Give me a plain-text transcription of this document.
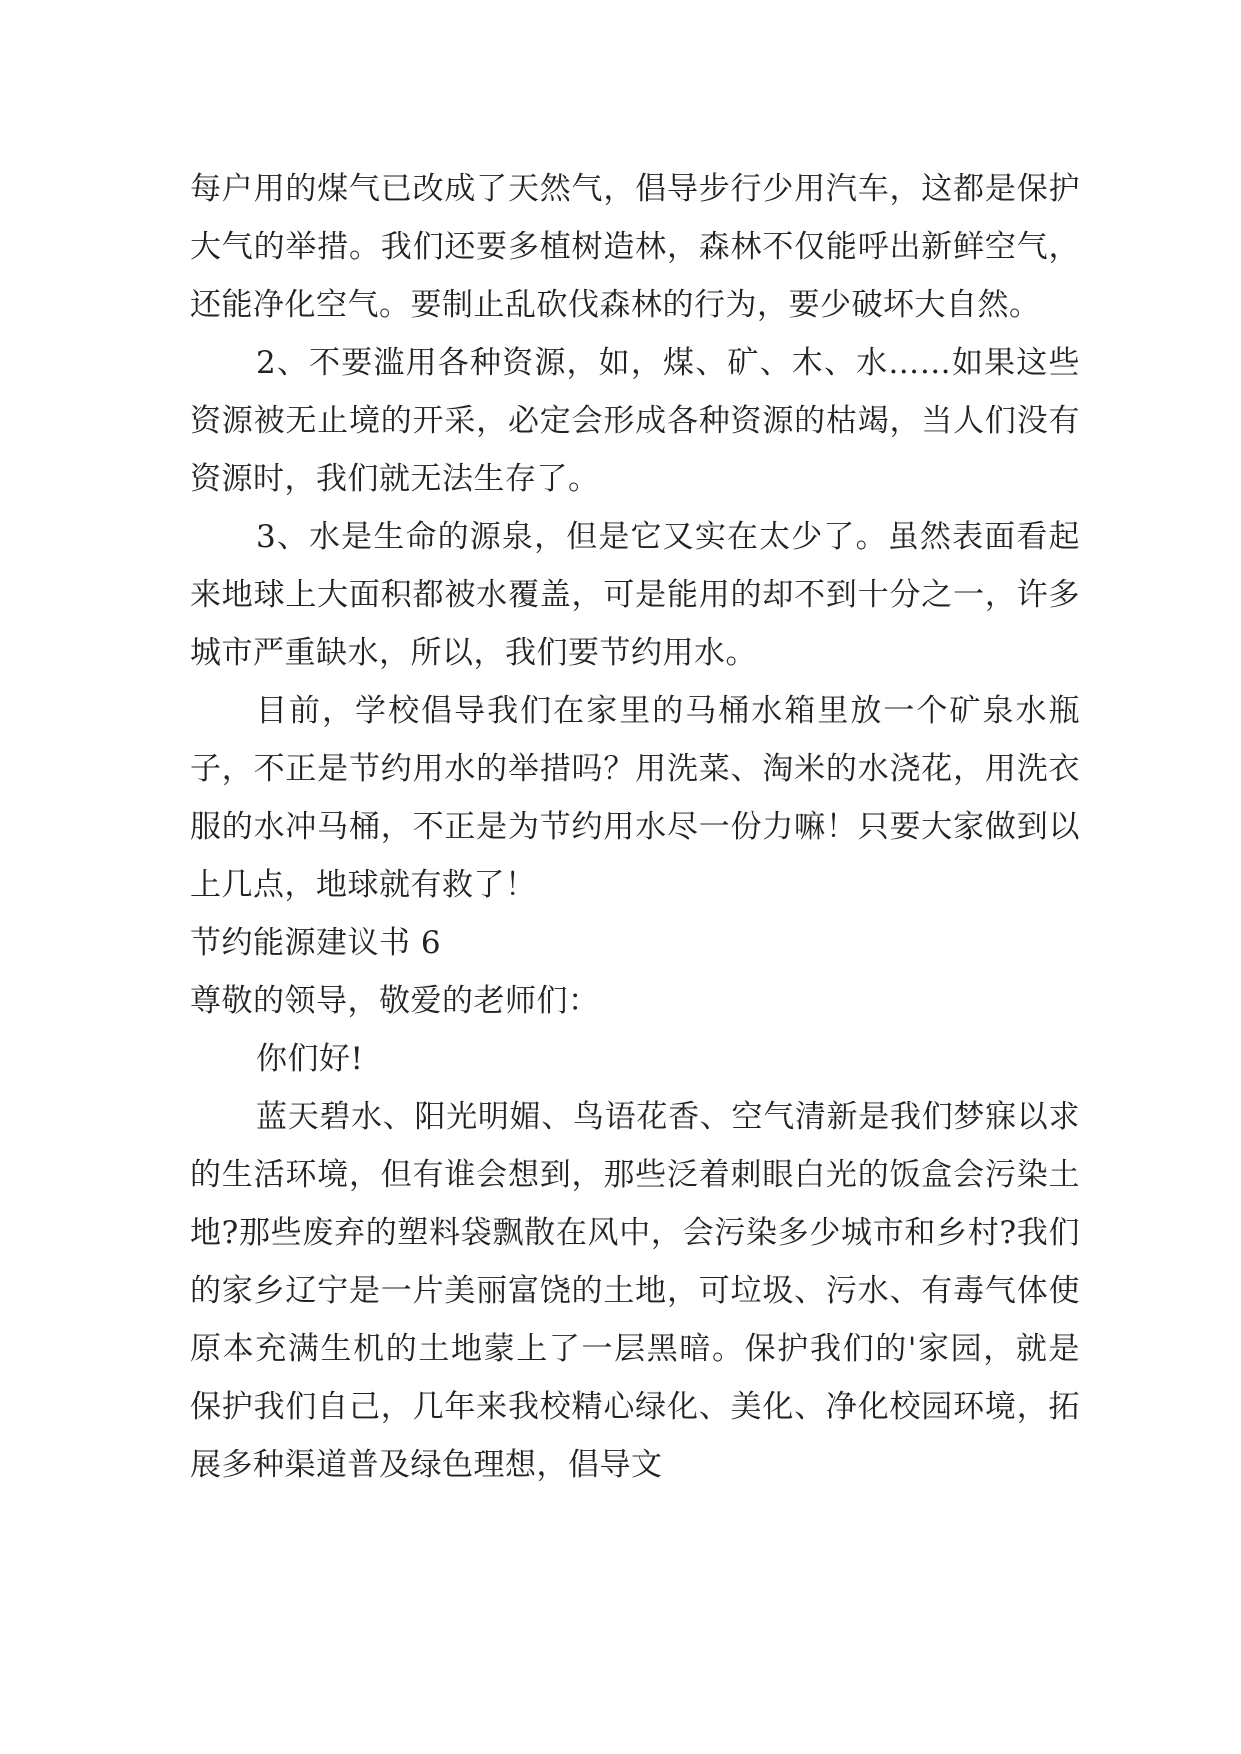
每户用的煤气已改成了天然气，倡导步行少用汽车，这都是保护大气的举措。我们还要多植树造林，森林不仅能呼出新鲜空气，还能净化空气。要制止乱砍伐森林的行为，要少破坏大自然。

2、不要滥用各种资源，如，煤、矿、木、水……如果这些资源被无止境的开采，必定会形成各种资源的枯竭，当人们没有资源时，我们就无法生存了。

3、水是生命的源泉，但是它又实在太少了。虽然表面看起来地球上大面积都被水覆盖，可是能用的却不到十分之一，许多城市严重缺水，所以，我们要节约用水。

目前，学校倡导我们在家里的马桶水箱里放一个矿泉水瓶子，不正是节约用水的举措吗？用洗菜、淘米的水浇花，用洗衣服的水冲马桶，不正是为节约用水尽一份力嘛！只要大家做到以上几点，地球就有救了！

节约能源建议书 6

尊敬的领导，敬爱的老师们：

你们好!

蓝天碧水、阳光明媚、鸟语花香、空气清新是我们梦寐以求的生活环境，但有谁会想到，那些泛着刺眼白光的饭盒会污染土地?那些废弃的塑料袋飘散在风中，会污染多少城市和乡村?我们的家乡辽宁是一片美丽富饶的土地，可垃圾、污水、有毒气体使原本充满生机的土地蒙上了一层黑暗。保护我们的'家园，就是保护我们自己，几年来我校精心绿化、美化、净化校园环境，拓展多种渠道普及绿色理想，倡导文
